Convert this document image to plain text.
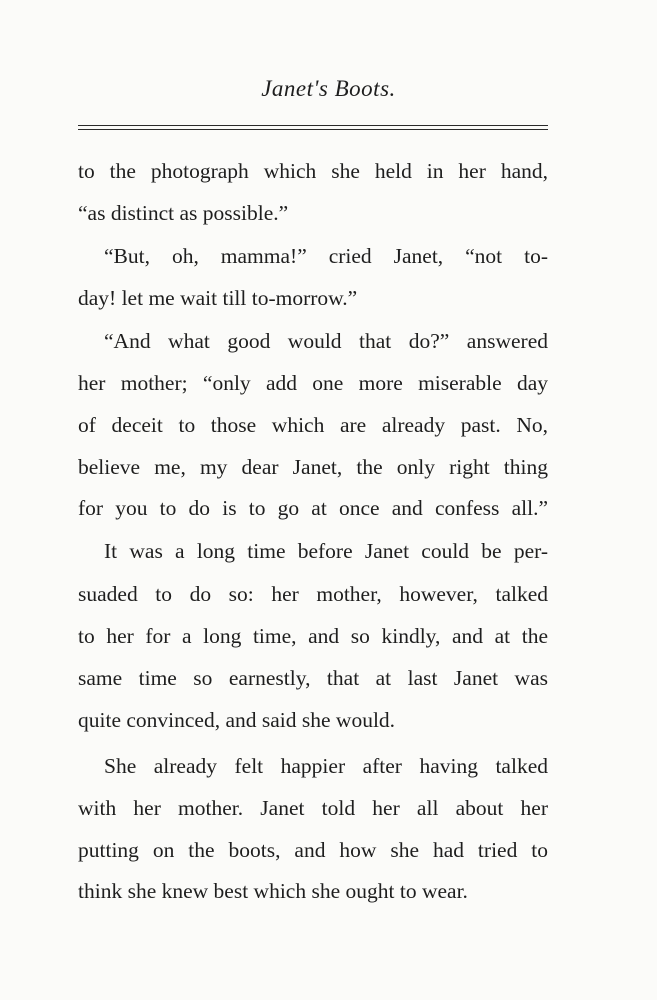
Janet's Boots.
to the photograph which she held in her hand,
“as distinct as possible.”
“But, oh, mamma!” cried Janet, “not to-
day! let me wait till to-morrow.”
“And what good would that do?” answered
her mother; “only add one more miserable day
of deceit to those which are already past. No,
believe me, my dear Janet, the only right thing
for you to do is to go at once and confess all.”
It was a long time before Janet could be per-
suaded to do so: her mother, however, talked
to her for a long time, and so kindly, and at the
same time so earnestly, that at last Janet was
quite convinced, and said she would.
She already felt happier after having talked
with her mother. Janet told her all about her
putting on the boots, and how she had tried to
think she knew best which she ought to wear.
